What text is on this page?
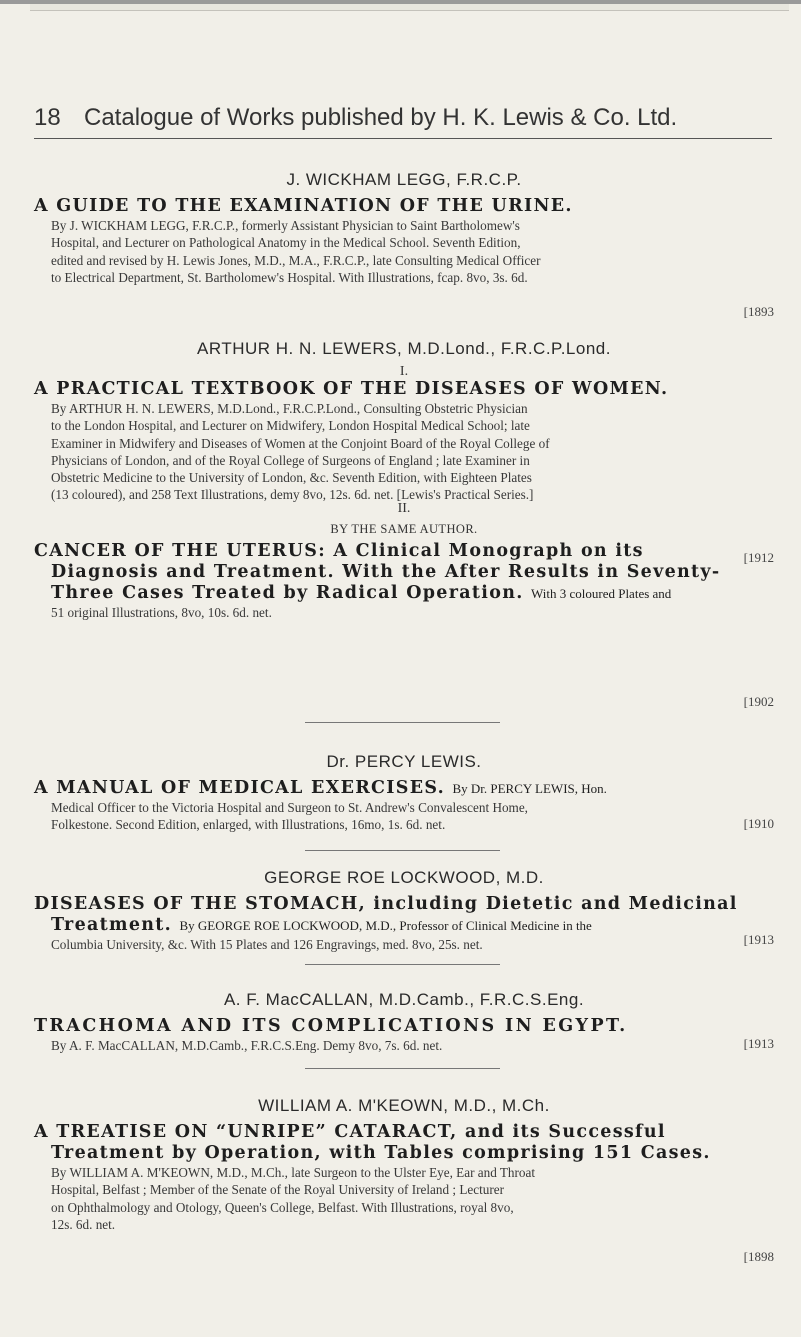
18 Catalogue of Works published by H. K. Lewis & Co. Ltd.
J. WICKHAM LEGG, F.R.C.P.
A GUIDE TO THE EXAMINATION OF THE URINE.

By J. WICKHAM LEGG, F.R.C.P., formerly Assistant Physician to Saint Bartholomew's

Hospital, and Lecturer on Pathological Anatomy in the Medical School. Seventh Edition,

edited and revised by H. Lewis Jones, M.D., M.A., F.R.C.P., late Consulting Medical Officer

to Electrical Department, St. Bartholomew's Hospital. With Illustrations, fcap. 8vo, 3s. 6d.

[1893
ARTHUR H. N. LEWERS, M.D.Lond., F.R.C.P.Lond.
I.
A PRACTICAL TEXTBOOK OF THE DISEASES OF WOMEN.

By ARTHUR H. N. LEWERS, M.D.Lond., F.R.C.P.Lond., Consulting Obstetric Physician

to the London Hospital, and Lecturer on Midwifery, London Hospital Medical School; late

Examiner in Midwifery and Diseases of Women at the Conjoint Board of the Royal College of

Physicians of London, and of the Royal College of Surgeons of England ; late Examiner in

Obstetric Medicine to the University of London, &c. Seventh Edition, with Eighteen Plates

(13 coloured), and 258 Text Illustrations, demy 8vo, 12s. 6d. net. [Lewis's Practical Series.]

[1912
II.
BY THE SAME AUTHOR.
CANCER OF THE UTERUS: A Clinical Monograph on its
Diagnosis and Treatment. With the After Results in Seventy-
Three Cases Treated by Radical Operation. With 3 coloured Plates and

51 original Illustrations, 8vo, 10s. 6d. net.

[1902
Dr. PERCY LEWIS.
A MANUAL OF MEDICAL EXERCISES. By Dr. PERCY LEWIS, Hon.

Medical Officer to the Victoria Hospital and Surgeon to St. Andrew's Convalescent Home,

Folkestone. Second Edition, enlarged, with Illustrations, 16mo, 1s. 6d. net.	[1910
GEORGE ROE LOCKWOOD, M.D.
DISEASES OF THE STOMACH, including Dietetic and Medicinal
Treatment. By GEORGE ROE LOCKWOOD, M.D., Professor of Clinical Medicine in the

Columbia University, &c. With 15 Plates and 126 Engravings, med. 8vo, 25s. net.	[1913
A. F. MacCALLAN, M.D.Camb., F.R.C.S.Eng.
TRACHOMA AND ITS COMPLICATIONS IN EGYPT.

By A. F. MacCALLAN, M.D.Camb., F.R.C.S.Eng. Demy 8vo, 7s. 6d. net.	[1913
WILLIAM A. M'KEOWN, M.D., M.Ch.
A TREATISE ON “UNRIPE” CATARACT, and its Successful
Treatment by Operation, with Tables comprising 151 Cases.

By WILLIAM A. M'KEOWN, M.D., M.Ch., late Surgeon to the Ulster Eye, Ear and Throat

Hospital, Belfast ; Member of the Senate of the Royal University of Ireland ; Lecturer

on Ophthalmology and Otology, Queen's College, Belfast. With Illustrations, royal 8vo,

12s. 6d. net.

[1898
